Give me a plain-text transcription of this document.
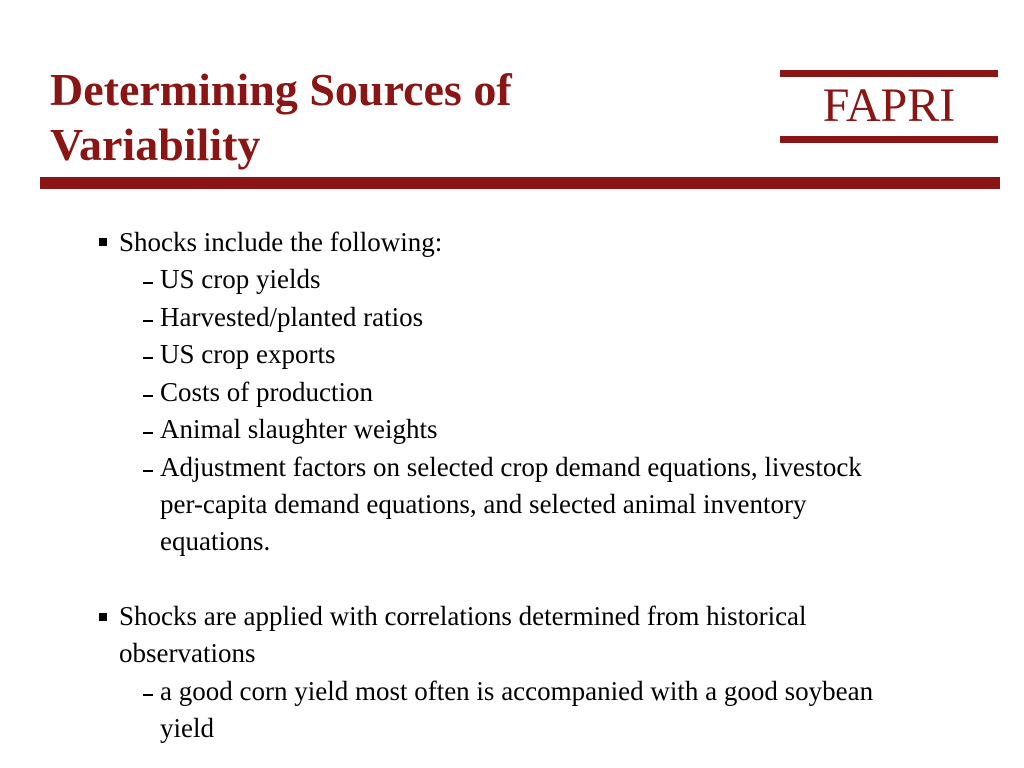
Determining Sources of
Variability
FAPRI
Shocks include the following:
US crop yields
Harvested/planted ratios
US crop exports
Costs of production
Animal slaughter weights
Adjustment factors on selected crop demand equations, livestock
per-capita demand equations, and selected animal inventory
equations.
Shocks are applied with correlations determined from historical
observations
a good corn yield most often is accompanied with a good soybean
yield
